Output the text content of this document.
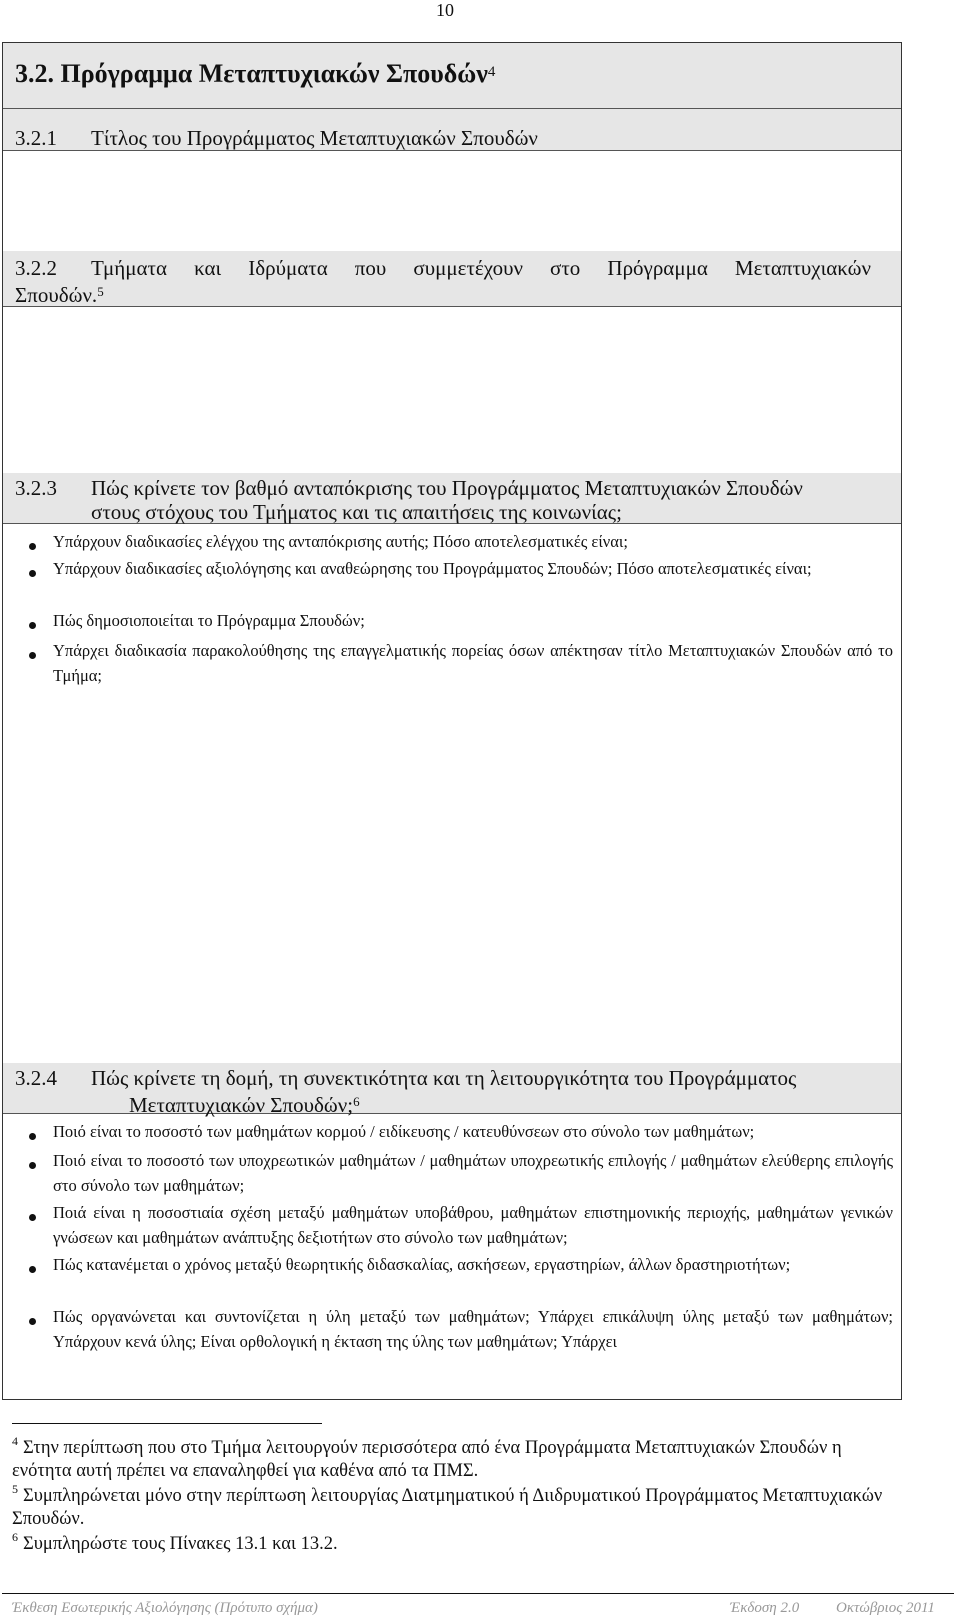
10
3.2. Πρόγραμμα Μεταπτυχιακών Σπουδών$^4$
3.2.1 Τίτλος του Προγράμματος Μεταπτυχιακών Σπουδών
3.2.2 Τμήματα και Ιδρύματα που συμμετέχουν στο Πρόγραμμα Μεταπτυχιακών
Σπουδών.$^5$
3.2.3 Πώς κρίνετε τον βαθμό ανταπόκρισης του Προγράμματος Μεταπτυχιακών Σπουδών
στους στόχους του Τμήματος και τις απαιτήσεις της κοινωνίας;
Υπάρχουν διαδικασίες ελέγχου της ανταπόκρισης αυτής; Πόσο αποτελεσματικές είναι;
Υπάρχουν διαδικασίες αξιολόγησης και αναθεώρησης του Προγράμματος Σπουδών; Πόσο αποτελεσματικές είναι;
Πώς δημοσιοποιείται το Πρόγραμμα Σπουδών;
Υπάρχει διαδικασία παρακολούθησης της επαγγελματικής πορείας όσων απέκτησαν τίτλο Μεταπτυχιακών Σπουδών από το Τμήμα;
3.2.4 Πώς κρίνετε τη δομή, τη συνεκτικότητα και τη λειτουργικότητα του Προγράμματος
Μεταπτυχιακών Σπουδών;$^6$
Ποιό είναι το ποσοστό των μαθημάτων κορμού / ειδίκευσης / κατευθύνσεων στο σύνολο των μαθημάτων;
Ποιό είναι το ποσοστό των υποχρεωτικών μαθημάτων / μαθημάτων υποχρεωτικής επιλογής / μαθημάτων ελεύθερης επιλογής στο σύνολο των μαθημάτων;
Ποιά είναι η ποσοστιαία σχέση μεταξύ μαθημάτων υποβάθρου, μαθημάτων επιστημονικής περιοχής, μαθημάτων γενικών γνώσεων και μαθημάτων ανάπτυξης δεξιοτήτων στο σύνολο των μαθημάτων;
Πώς κατανέμεται ο χρόνος μεταξύ θεωρητικής διδασκαλίας, ασκήσεων, εργαστηρίων, άλλων δραστηριοτήτων;
Πώς οργανώνεται και συντονίζεται η ύλη μεταξύ των μαθημάτων; Υπάρχει επικάλυψη ύλης μεταξύ των μαθημάτων; Υπάρχουν κενά ύλης; Είναι ορθολογική η έκταση της ύλης των μαθημάτων; Υπάρχει
$^4$ Στην περίπτωση που στο Τμήμα λειτουργούν περισσότερα από ένα Προγράμματα Μεταπτυχιακών Σπουδών η ενότητα αυτή πρέπει να επαναληφθεί για καθένα από τα ΠΜΣ.
$^5$ Συμπληρώνεται μόνο στην περίπτωση λειτουργίας Διατμηματικού ή Διιδρυματικού Προγράμματος Μεταπτυχιακών Σπουδών.
$^6$ Συμπληρώστε τους Πίνακες 13.1 και 13.2.
Έκθεση Εσωτερικής Αξιολόγησης (Πρότυπο σχήμα)	Έκδοση 2.0 Οκτώβριος 2011
